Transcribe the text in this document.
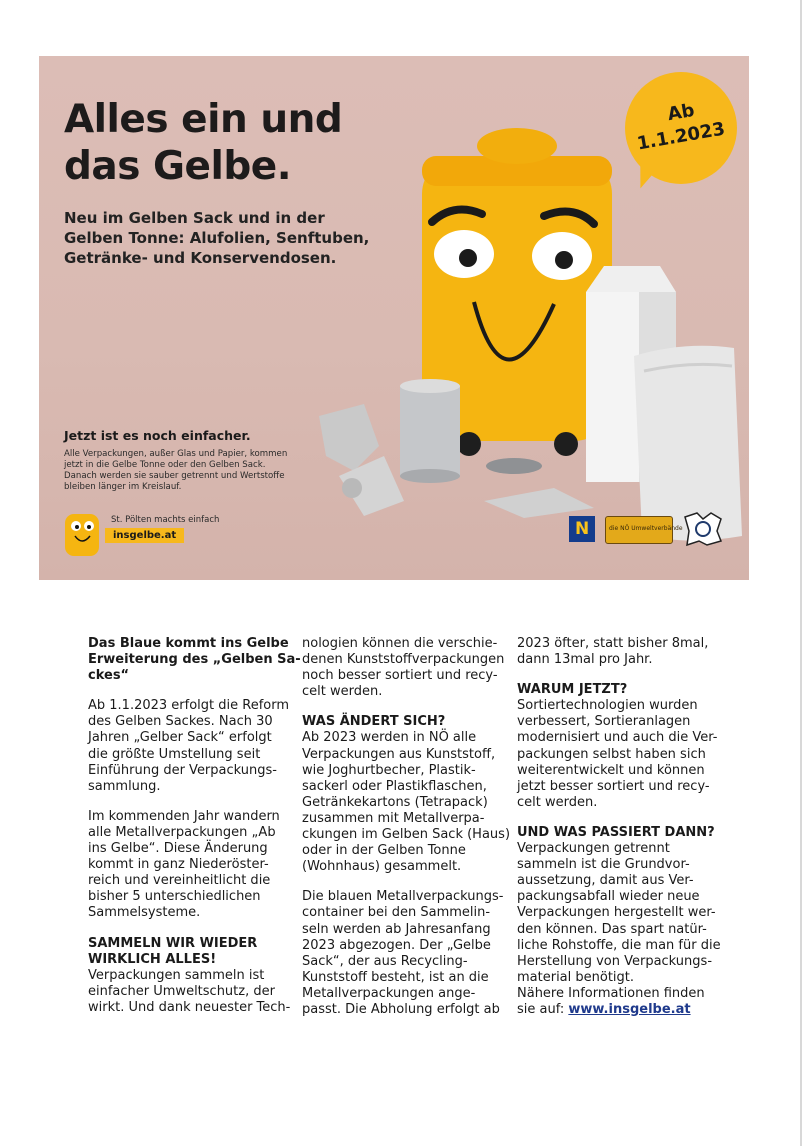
Alles ein und
das Gelbe.

Neu im Gelben Sack und in der
Gelben Tonne: Alufolien, Senftuben,
Getränke- und Konservendosen.

Ab
1.1.2023

Jetzt ist es noch einfacher.

Alle Verpackungen, außer Glas und Papier, kommen
jetzt in die Gelbe Tonne oder den Gelben Sack.
Danach werden sie sauber getrennt und Wertstoffe
bleiben länger im Kreislauf.

St. Pölten machts einfach
insgelbe.at	N	die NÖ Umweltverbände
Das Blaue kommt ins Gelbe
Erweiterung des „Gelben Sa-
ckes“

Ab 1.1.2023 erfolgt die Reform
des Gelben Sackes. Nach 30
Jahren „Gelber Sack“ erfolgt
die größte Umstellung seit
Einführung der Verpackungs-
sammlung.

Im kommenden Jahr wandern
alle Metallverpackungen „Ab
ins Gelbe“. Diese Änderung
kommt in ganz Niederöster-
reich und vereinheitlicht die
bisher 5 unterschiedlichen
Sammelsysteme.

SAMMELN WIR WIEDER
WIRKLICH ALLES!

Verpackungen sammeln ist
einfacher Umweltschutz, der
wirkt. Und dank neuester Tech-

nologien können die verschie-
denen Kunststoffverpackungen
noch besser sortiert und recy-
celt werden.

WAS ÄNDERT SICH?

Ab 2023 werden in NÖ alle
Verpackungen aus Kunststoff,
wie Joghurtbecher, Plastik-
sackerl oder Plastikflaschen,
Getränkekartons (Tetrapack)
zusammen mit Metallverpa-
ckungen im Gelben Sack (Haus)
oder in der Gelben Tonne
(Wohnhaus) gesammelt.

Die blauen Metallverpackungs-
container bei den Sammelin-
seln werden ab Jahresanfang
2023 abgezogen. Der „Gelbe
Sack“, der aus Recycling-
Kunststoff besteht, ist an die
Metallverpackungen ange-
passt. Die Abholung erfolgt ab

2023 öfter, statt bisher 8mal,
dann 13mal pro Jahr.

WARUM JETZT?

Sortiertechnologien wurden
verbessert, Sortieranlagen
modernisiert und auch die Ver-
packungen selbst haben sich
weiterentwickelt und können
jetzt besser sortiert und recy-
celt werden.

UND WAS PASSIERT DANN?

Verpackungen getrennt
sammeln ist die Grundvor-
aussetzung, damit aus Ver-
packungsabfall wieder neue
Verpackungen hergestellt wer-
den können. Das spart natür-
liche Rohstoffe, die man für die
Herstellung von Verpackungs-
material benötigt.
Nähere Informationen finden
sie auf: www.insgelbe.at
